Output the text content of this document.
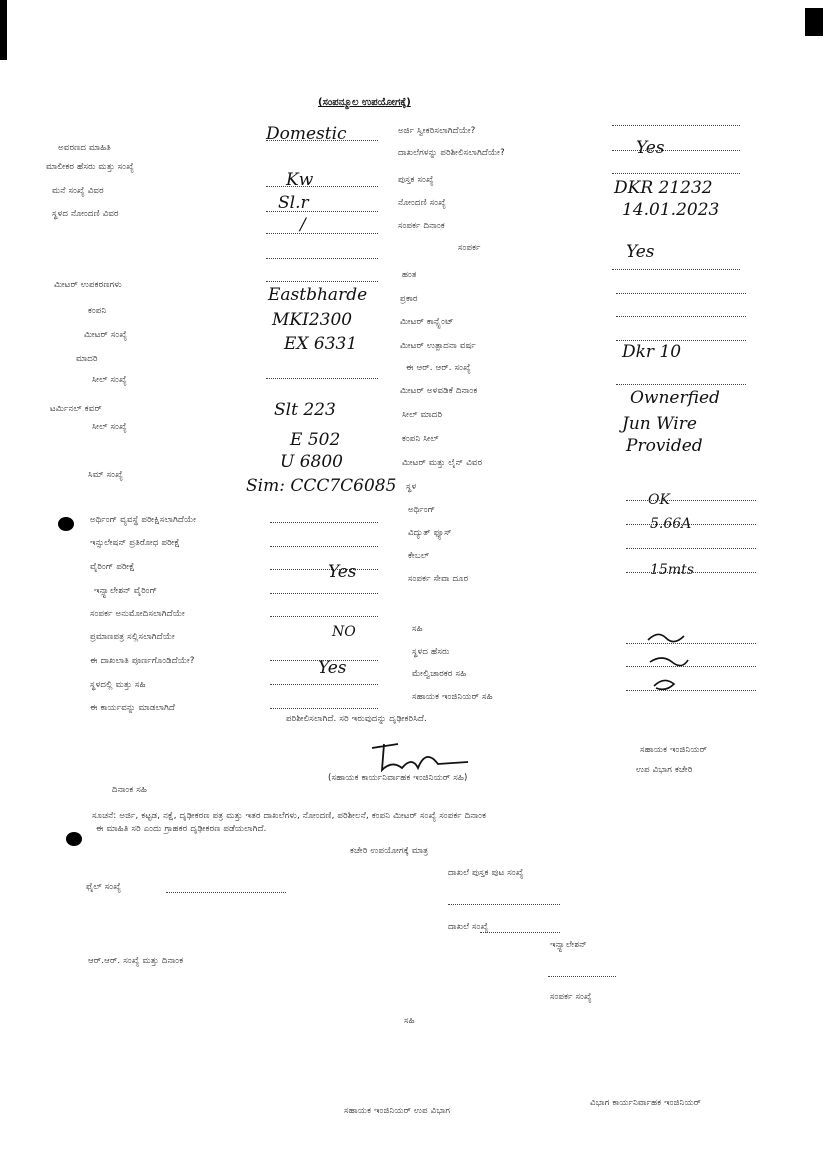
(ಸಂಪನ್ಮೂಲ ಉಪಯೋಗಕ್ಕೆ)
ಅವರಣದ ಮಾಹಿತಿ
ಮಾಲೀಕರ ಹೆಸರು ಮತ್ತು ಸಂಖ್ಯೆ
ಮನೆ ಸಂಖ್ಯೆ ವಿವರ
ಸ್ಥಳದ ನೋಂದಣಿ ವಿವರ
Domestic
Kw
Sl.r
/
ಅರ್ಜಿ ಸ್ವೀಕರಿಸಲಾಗಿದೆಯೇ?
ದಾಖಲೆಗಳನ್ನು ಪರಿಶೀಲಿಸಲಾಗಿದೆಯೇ?
ಪುಸ್ತಕ ಸಂಖ್ಯೆ
ನೋಂದಣಿ ಸಂಖ್ಯೆ
ಸಂಪರ್ಕ ದಿನಾಂಕ
ಸಂಪರ್ಕ
Yes
DKR 21232
14.01.2023
Yes
ಮೀಟರ್ ಉಪಕರಣಗಳು
ಕಂಪನಿ
ಮೀಟರ್ ಸಂಖ್ಯೆ
ಮಾದರಿ
ಸೀಲ್ ಸಂಖ್ಯೆ
ಟರ್ಮಿನಲ್ ಕವರ್
ಸೀಲ್ ಸಂಖ್ಯೆ
ಸಿಮ್ ಸಂಖ್ಯೆ
Eastbharde
MKI2300
EX 6331
Slt 223
E 502
U 6800
Sim: CCC7C6085
ಹಂತ
ಪ್ರಕಾರ
ಮೀಟರ್ ಕಾನ್ಸ್ಟೆಂಟ್
ಮೀಟರ್ ಉತ್ಪಾದನಾ ವರ್ಷ
ಈ ಆರ್. ಆರ್. ಸಂಖ್ಯೆ
ಮೀಟರ್ ಅಳವಡಿಕೆ ದಿನಾಂಕ
ಸೀಲ್ ಮಾದರಿ
ಕಂಪನಿ ಸೀಲ್
ಮೀಟರ್ ಮತ್ತು ಲೈನ್ ವಿವರ
ಸ್ಥಳ
Dkr 10
Ownerfied
Jun Wire
Provided
ಅರ್ಥಿಂಗ್ ವ್ಯವಸ್ಥೆ ಪರೀಕ್ಷಿಸಲಾಗಿದೆಯೇ
ಇನ್ಸುಲೇಷನ್ ಪ್ರತಿರೋಧ ಪರೀಕ್ಷೆ
ವೈರಿಂಗ್ ಪರೀಕ್ಷೆ
ಇನ್ಸ್ಟಾಲೇಶನ್ ವೈರಿಂಗ್
ಸಂಪರ್ಕ ಅನುಮೋದಿಸಲಾಗಿದೆಯೇ
ಪ್ರಮಾಣಪತ್ರ ಸಲ್ಲಿಸಲಾಗಿದೆಯೇ
ಈ ದಾಖಲಾತಿ ಪೂರ್ಣಗೊಂಡಿದೆಯೇ?
ಸ್ಥಳದಲ್ಲಿ ಮತ್ತು ಸಹಿ
ಈ ಕಾರ್ಯವನ್ನು ಮಾಡಲಾಗಿದೆ
Yes
NO
Yes
ಅರ್ಥಿಂಗ್
ವಿದ್ಯುತ್ ಫ್ಯೂಸ್
ಕೇಬಲ್
ಸಂಪರ್ಕ ಸೇವಾ ದೂರ
ಸಹಿ
ಸ್ಥಳದ ಹೆಸರು
ಮೇಲ್ವಿಚಾರಕರ ಸಹಿ
ಸಹಾಯಕ ಇಂಜಿನಿಯರ್ ಸಹಿ
OK
5.66A
15mts
ಪರಿಶೀಲಿಸಲಾಗಿದೆ. ಸರಿ ಇರುವುದನ್ನು ದೃಢೀಕರಿಸಿದೆ.
(ಸಹಾಯಕ ಕಾರ್ಯನಿರ್ವಾಹಕ ಇಂಜಿನಿಯರ್ ಸಹಿ)
ಸಹಾಯಕ ಇಂಜಿನಿಯರ್
ಉಪ ವಿಭಾಗ ಕಚೇರಿ
ದಿನಾಂಕ ಸಹಿ
ಸೂಚನೆ: ಅರ್ಜಿ, ಕಟ್ಟಡ, ನಕ್ಷೆ, ದೃಢೀಕರಣ ಪತ್ರ ಮತ್ತು ಇತರ ದಾಖಲೆಗಳು, ನೋಂದಣಿ, ಪರಿಶೀಲನೆ, ಕಂಪನಿ ಮೀಟರ್ ಸಂಖ್ಯೆ ಸಂಪರ್ಕ ದಿನಾಂಕ
ಈ ಮಾಹಿತಿ ಸರಿ ಎಂದು ಗ್ರಾಹಕರ ದೃಢೀಕರಣ ಪಡೆಯಲಾಗಿದೆ.
ಕಚೇರಿ ಉಪಯೋಗಕ್ಕೆ ಮಾತ್ರ
ಫೈಲ್ ಸಂಖ್ಯೆ
ದಾಖಲೆ ಪುಸ್ತಕ ಪುಟ ಸಂಖ್ಯೆ
ದಾಖಲೆ ಸಂಖ್ಯೆ
ಆರ್.ಆರ್. ಸಂಖ್ಯೆ ಮತ್ತು ದಿನಾಂಕ
ಇನ್ಸ್ಟಾಲೇಶನ್
ಸಂಪರ್ಕ ಸಂಖ್ಯೆ
ಸಹಿ
ಸಹಾಯಕ ಇಂಜಿನಿಯರ್ ಉಪ ವಿಭಾಗ
ವಿಭಾಗ ಕಾರ್ಯನಿರ್ವಾಹಕ ಇಂಜಿನಿಯರ್
